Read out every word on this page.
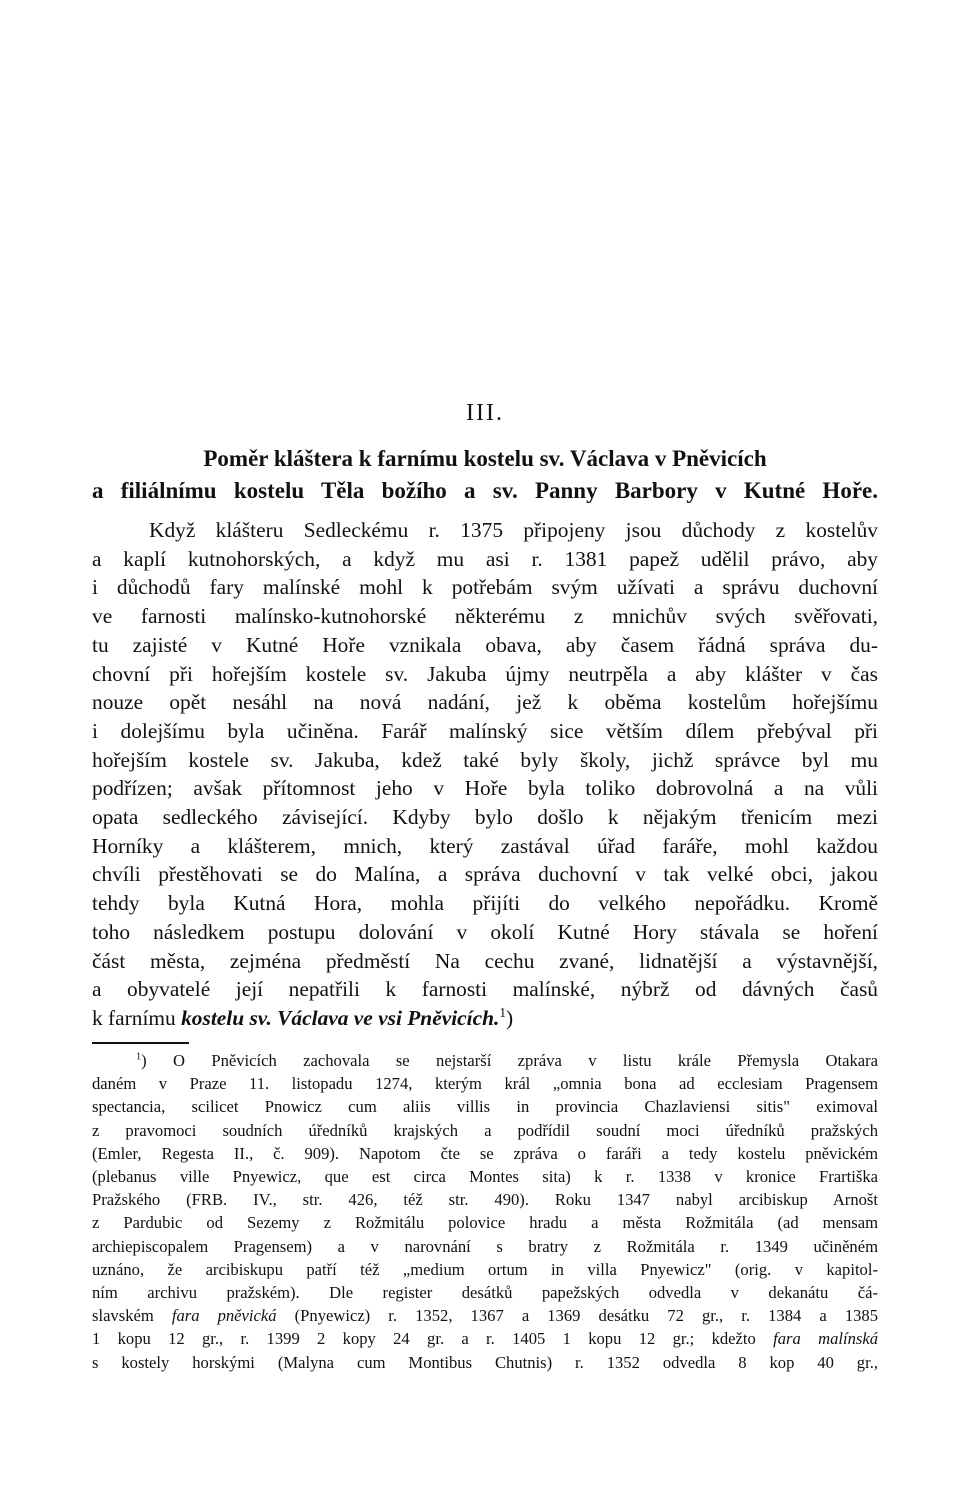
III.
Poměr kláštera k farnímu kostelu sv. Václava v Pněvicích
a filiálnímu kostelu Těla božího a sv. Panny Barbory v Kutné Hoře.
Když klášteru Sedleckému r. 1375 připojeny jsou důchody z kostelův
a kaplí kutnohorských, a když mu asi r. 1381 papež udělil právo, aby
i důchodů fary malínské mohl k potřebám svým užívati a správu duchovní
ve farnosti malínsko-kutnohorské některému z mnichův svých svěřovati,
tu zajisté v Kutné Hoře vznikala obava, aby časem řádná správa du-
chovní při hořejším kostele sv. Jakuba újmy neutrpěla a aby klášter v čas
nouze opět nesáhl na nová nadání, jež k oběma kostelům hořejšímu
i dolejšímu byla učiněna. Farář malínský sice větším dílem přebýval při
hořejším kostele sv. Jakuba, kdež také byly školy, jichž správce byl mu
podřízen; avšak přítomnost jeho v Hoře byla toliko dobrovolná a na vůli
opata sedleckého závisející. Kdyby bylo došlo k nějakým třenicím mezi
Horníky a klášterem, mnich, který zastával úřad faráře, mohl každou
chvíli přestěhovati se do Malína, a správa duchovní v tak velké obci, jakou
tehdy byla Kutná Hora, mohla přijíti do velkého nepořádku. Kromě
toho následkem postupu dolování v okolí Kutné Hory stávala se hoření
část města, zejména předměstí Na cechu zvané, lidnatější a výstavnější,
a obyvatelé její nepatřili k farnosti malínské, nýbrž od dávných časů
k farnímu kostelu sv. Václava ve vsi Pněvicích.$^1$)
$^1$) O Pněvicích zachovala se nejstarší zpráva v listu krále Přemysla Otakara
daném v Praze 11. listopadu 1274, kterým král „omnia bona ad ecclesiam Pragensem
spectancia, scilicet Pnowicz cum aliis villis in provincia Chazlaviensi sitis" eximoval
z pravomoci soudních úředníků krajských a podřídil soudní moci úředníků pražských
(Emler, Regesta II., č. 909). Napotom čte se zpráva o faráři a tedy kostelu pněvickém
(plebanus ville Pnyewicz, que est circa Montes sita) k r. 1338 v kronice Frartiška
Pražského (FRB. IV., str. 426, též str. 490). Roku 1347 nabyl arcibiskup Arnošt
z Pardubic od Sezemy z Rožmitálu polovice hradu a města Rožmitála (ad mensam
archiepiscopalem Pragensem) a v narovnání s bratry z Rožmitála r. 1349 učiněném
uznáno, že arcibiskupu patří též „medium ortum in villa Pnyewicz" (orig. v kapitol-
ním archivu pražském). Dle register desátků papežských odvedla v dekanátu čá-
slavském fara pněvická (Pnyewicz) r. 1352, 1367 a 1369 desátku 72 gr., r. 1384 a 1385
1 kopu 12 gr., r. 1399 2 kopy 24 gr. a r. 1405 1 kopu 12 gr.; kdežto fara malínská
s kostely horskými (Malyna cum Montibus Chutnis) r. 1352 odvedla 8 kop 40 gr.,
